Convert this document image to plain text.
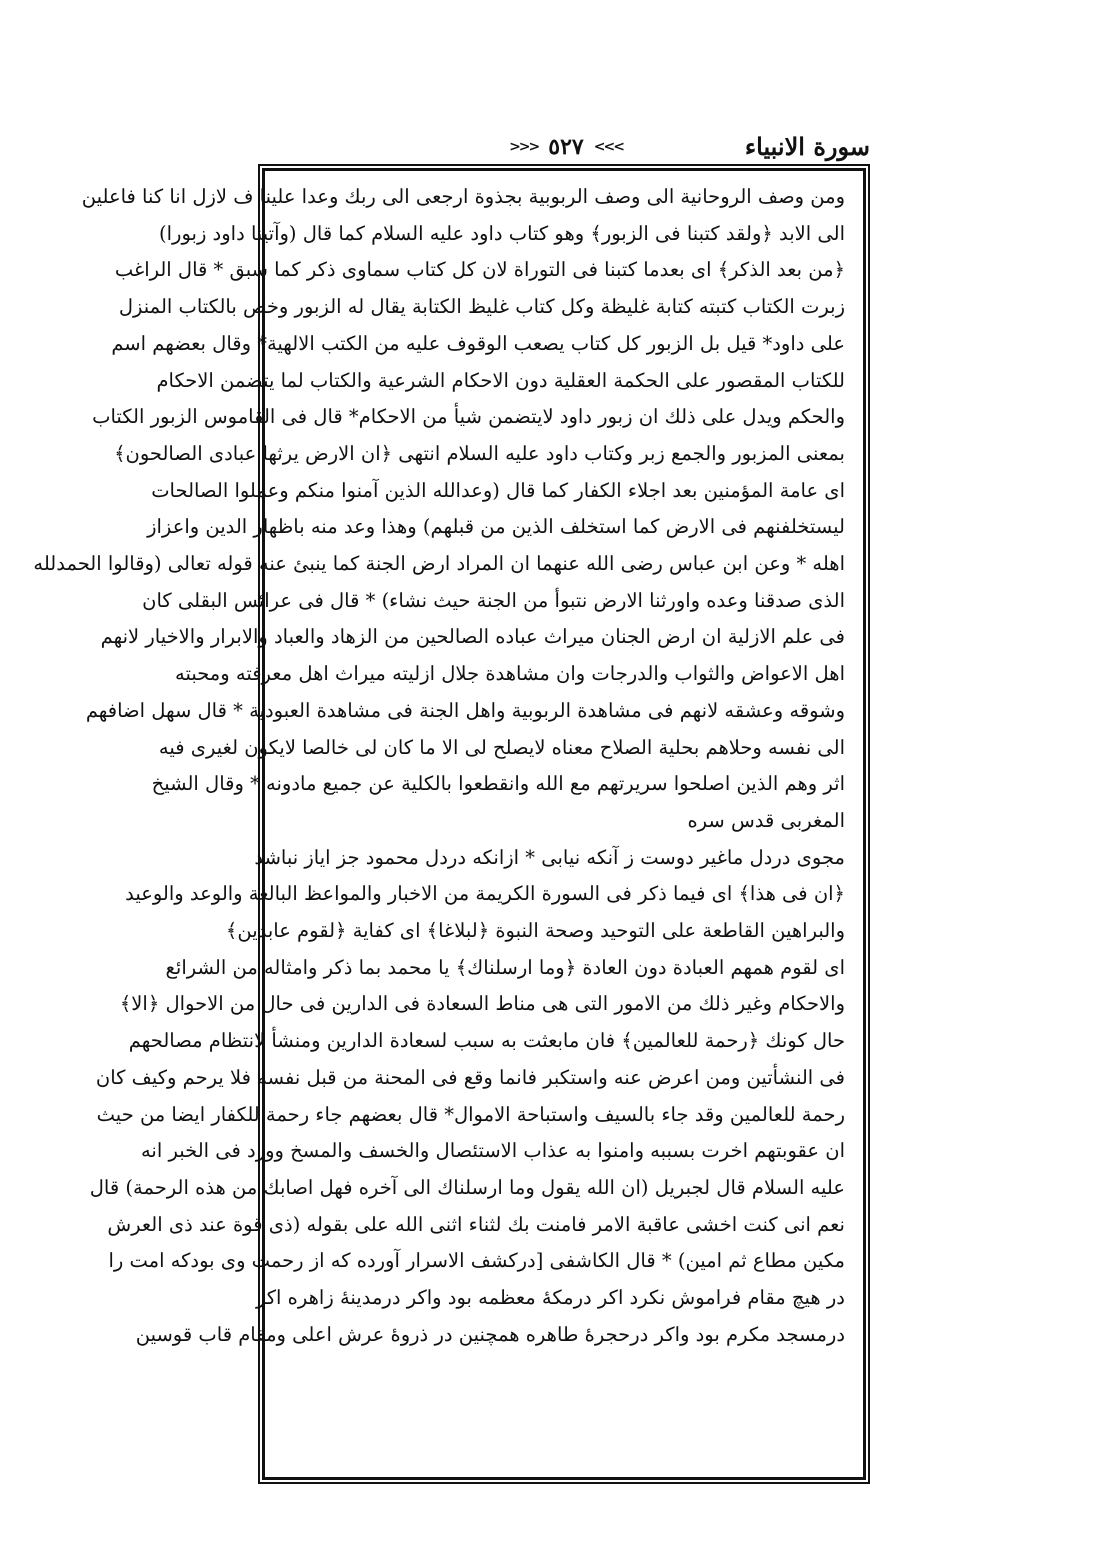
سورة الانبياء
>>> ٥٢٧ <<<
ومن وصف الروحانية الى وصف الربوبية بجذوة ارجعى الى ربك وعدا علينا ف لازل انا كنا فاعلين
الى الابد ﴿ولقد كتبنا فى الزبور﴾ وهو كتاب داود عليه السلام كما قال (وآتينا داود زبورا)
﴿من بعد الذكر﴾ اى بعدما كتبنا فى التوراة لان كل كتاب سماوى ذكر كما سبق * قال الراغب
زبرت الكتاب كتبته كتابة غليظة وكل كتاب غليظ الكتابة يقال له الزبور وخص بالكتاب المنزل
على داود* قيل بل الزبور كل كتاب يصعب الوقوف عليه من الكتب الالهية* وقال بعضهم اسم
للكتاب المقصور على الحكمة العقلية دون الاحكام الشرعية والكتاب لما يتضمن الاحكام
والحكم ويدل على ذلك ان زبور داود لايتضمن شيأ من الاحكام* قال فى القاموس الزبور الكتاب
بمعنى المزبور والجمع زبر وكتاب داود عليه السلام انتهى ﴿ان الارض يرثها عبادى الصالحون﴾
اى عامة المؤمنين بعد اجلاء الكفار كما قال (وعدالله الذين آمنوا منكم وعملوا الصالحات
ليستخلفنهم فى الارض كما استخلف الذين من قبلهم) وهذا وعد منه باظهار الدين واعزاز
اهله * وعن ابن عباس رضى الله عنهما ان المراد ارض الجنة كما ينبئ عنه قوله تعالى (وقالوا الحمدلله
الذى صدقنا وعده واورثنا الارض نتبوأ من الجنة حيث نشاء) * قال فى عرائس البقلى كان
فى علم الازلية ان ارض الجنان ميراث عباده الصالحين من الزهاد والعباد والابرار والاخيار لانهم
اهل الاعواض والثواب والدرجات وان مشاهدة جلال ازليته ميراث اهل معرفته ومحبته
وشوقه وعشقه لانهم فى مشاهدة الربوبية واهل الجنة فى مشاهدة العبودية * قال سهل اضافهم
الى نفسه وحلاهم بحلية الصلاح معناه لايصلح لى الا ما كان لى خالصا لايكون لغيرى فيه
اثر وهم الذين اصلحوا سريرتهم مع الله وانقطعوا بالكلية عن جميع مادونه * وقال الشيخ
المغربى قدس سره
مجوى دردل ماغير دوست ز آنكه نيابى * ازانكه دردل محمود جز اياز نباشد
﴿ان فى هذا﴾ اى فيما ذكر فى السورة الكريمة من الاخبار والمواعظ البالغة والوعد والوعيد
والبراهين القاطعة على التوحيد وصحة النبوة ﴿لبلاغا﴾ اى كفاية ﴿لقوم عابدين﴾
اى لقوم همهم العبادة دون العادة ﴿وما ارسلناك﴾ يا محمد بما ذكر وامثاله من الشرائع
والاحكام وغير ذلك من الامور التى هى مناط السعادة فى الدارين فى حال من الاحوال ﴿الا﴾
حال كونك ﴿رحمة للعالمين﴾ فان مابعثت به سبب لسعادة الدارين ومنشأ لانتظام مصالحهم
فى النشأتين ومن اعرض عنه واستكبر فانما وقع فى المحنة من قبل نفسه فلا يرحم وكيف كان
رحمة للعالمين وقد جاء بالسيف واستباحة الاموال* قال بعضهم جاء رحمة للكفار ايضا من حيث
ان عقوبتهم اخرت بسببه وامنوا به عذاب الاستئصال والخسف والمسخ وورد فى الخبر انه
عليه السلام قال لجبريل (ان الله يقول وما ارسلناك الى آخره فهل اصابك من هذه الرحمة) قال
نعم انى كنت اخشى عاقبة الامر فامنت بك لثناء اثنى الله على بقوله (ذى قوة عند ذى العرش
مكين مطاع ثم امين) * قال الكاشفى [دركشف الاسرار آورده كه از رحمت وى بودكه امت را
در هيچ مقام فراموش نكرد اكر درمكهٔ معظمه بود واكر درمدينهٔ زاهره اكر
درمسجد مكرم بود واكر درحجرهٔ طاهره همچنين در ذروهٔ عرش اعلى ومقام قاب قوسين
